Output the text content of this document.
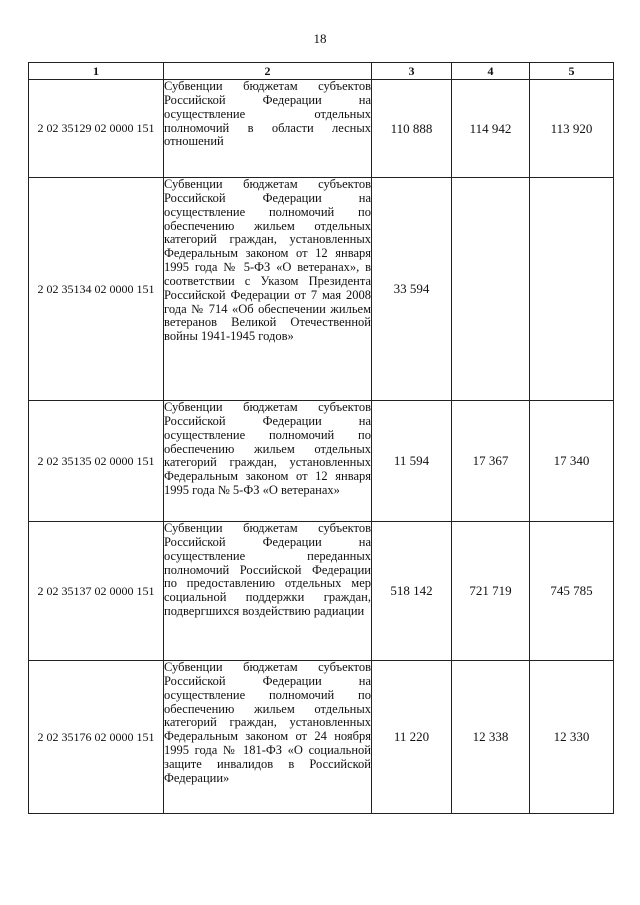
18
1	2	3	4	5
2 02 35129 02 0000 151	Субвенции бюджетам субъектов Российской Федерации на осуществление отдельных полномочий в области лесных отношений	110 888	114 942	113 920
2 02 35134 02 0000 151	Субвенции бюджетам субъектов Российской Федерации на осуществление полномочий по обеспечению жильем отдельных категорий граждан, установленных Федеральным законом от 12 января 1995 года № 5-ФЗ «О ветеранах», в соответствии с Указом Президента Российской Федерации от 7 мая 2008 года № 714 «Об обеспечении жильем ветеранов Великой Отечественной войны 1941-1945 годов»	33 594		
2 02 35135 02 0000 151	Субвенции бюджетам субъектов Российской Федерации на осуществление полномочий по обеспечению жильем отдельных категорий граждан, установленных Федеральным законом от 12 января 1995 года № 5-ФЗ «О ветеранах»	11 594	17 367	17 340
2 02 35137 02 0000 151	Субвенции бюджетам субъектов Российской Федерации на осуществление переданных полномочий Российской Федерации по предоставлению отдельных мер социальной поддержки граждан, подвергшихся воздействию радиации	518 142	721 719	745 785
2 02 35176 02 0000 151	Субвенции бюджетам субъектов Российской Федерации на осуществление полномочий по обеспечению жильем отдельных категорий граждан, установленных Федеральным законом от 24 ноября 1995 года № 181-ФЗ «О социальной защите инвалидов в Российской Федерации»	11 220	12 338	12 330
